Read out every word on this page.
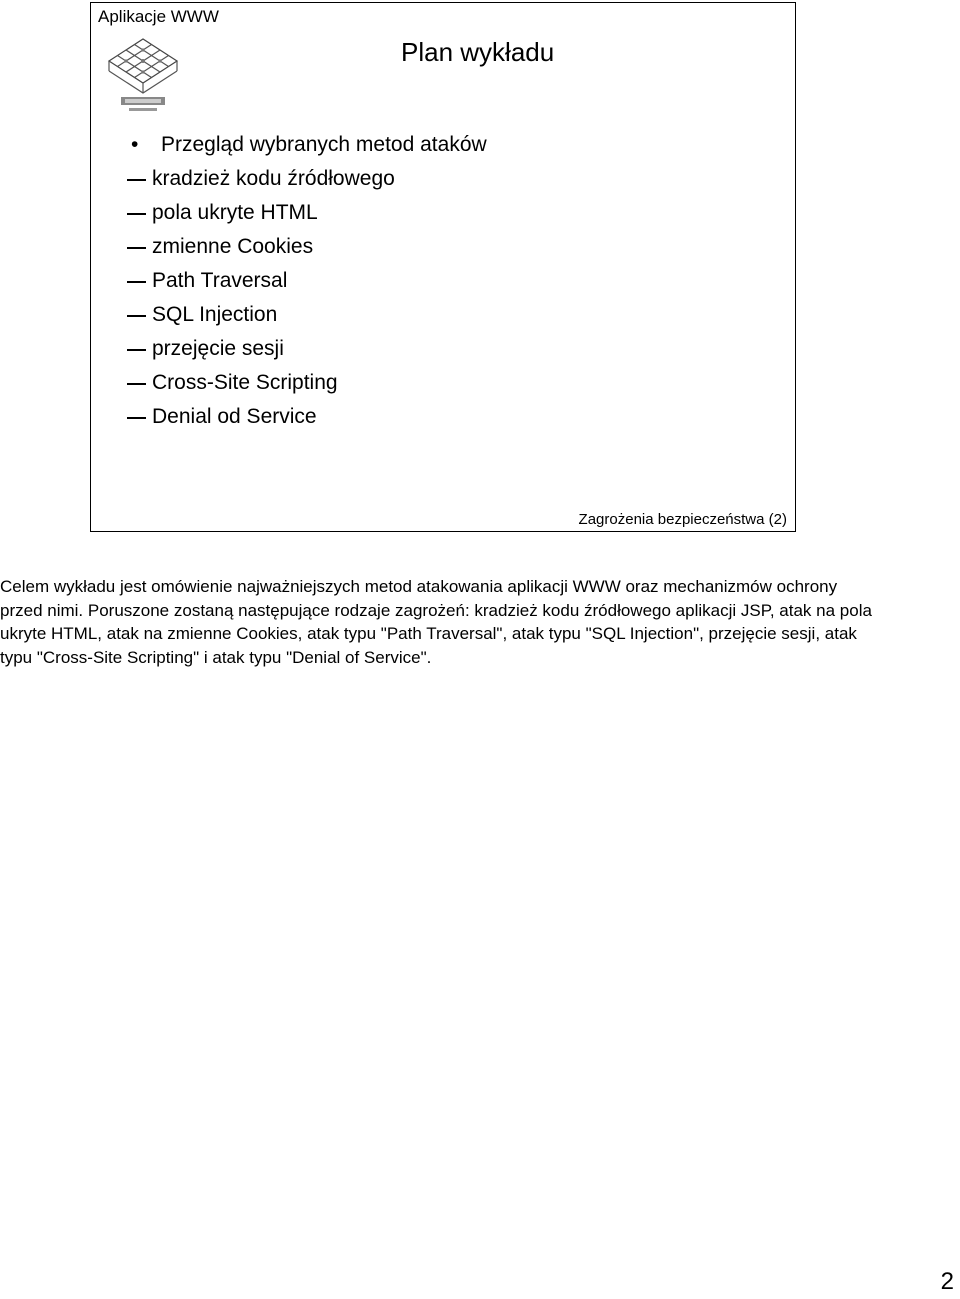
Aplikacje WWW
Plan wykładu
• Przegląd wybranych metod ataków
kradzież kodu źródłowego
pola ukryte HTML
zmienne Cookies
Path Traversal
SQL Injection
przejęcie sesji
Cross-Site Scripting
Denial od Service
Zagrożenia bezpieczeństwa (2)

Celem wykładu jest omówienie najważniejszych metod atakowania aplikacji WWW oraz mechanizmów ochrony przed nimi. Poruszone zostaną następujące rodzaje zagrożeń: kradzież kodu źródłowego aplikacji JSP, atak na pola ukryte HTML, atak na zmienne Cookies, atak typu "Path Traversal", atak typu "SQL Injection", przejęcie sesji, atak typu "Cross-Site Scripting" i atak typu "Denial of Service".

2
